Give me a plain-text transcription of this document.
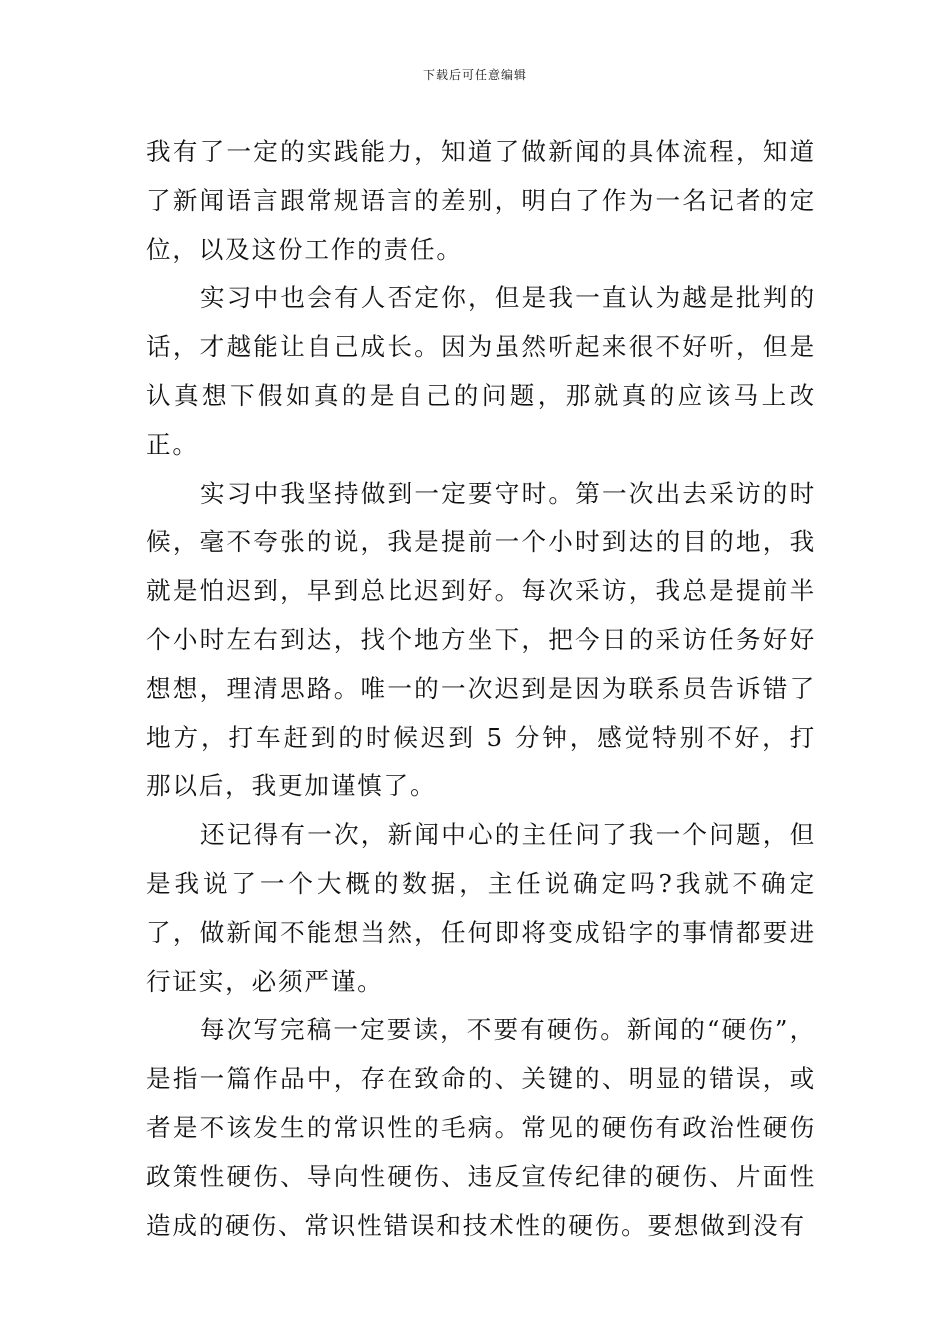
下载后可任意编辑

我有了一定的实践能力，知道了做新闻的具体流程，知道了新闻语言跟常规语言的差别，明白了作为一名记者的定位，以及这份工作的责任。

实习中也会有人否定你，但是我一直认为越是批判的话，才越能让自己成长。因为虽然听起来很不好听，但是认真想下假如真的是自己的问题，那就真的应该马上改正。

实习中我坚持做到一定要守时。第一次出去采访的时候，毫不夸张的说，我是提前一个小时到达的目的地，我就是怕迟到，早到总比迟到好。每次采访，我总是提前半个小时左右到达，找个地方坐下，把今日的采访任务好好想想，理清思路。唯一的一次迟到是因为联系员告诉错了地方，打车赶到的时候迟到 5 分钟，感觉特别不好，打那以后，我更加谨慎了。

还记得有一次，新闻中心的主任问了我一个问题，但是我说了一个大概的数据，主任说确定吗?我就不确定了，做新闻不能想当然，任何即将变成铅字的事情都要进行证实，必须严谨。

每次写完稿一定要读，不要有硬伤。新闻的“硬伤”，是指一篇作品中，存在致命的、关键的、明显的错误，或者是不该发生的常识性的毛病。常见的硬伤有政治性硬伤政策性硬伤、导向性硬伤、违反宣传纪律的硬伤、片面性造成的硬伤、常识性错误和技术性的硬伤。要想做到没有
